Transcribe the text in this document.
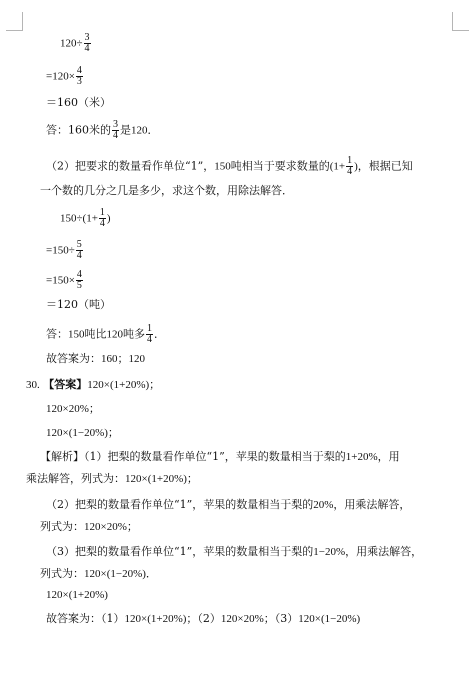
$120\div \frac{3}{4}$
$=120\times \frac{4}{3}$
＝160（米）
答：160米的 $\frac{3}{4}$ 是120．
（2）把要求的数量看作单位“1”，150吨相当于要求数量的($1+ \frac{1}{4}$ )，根据已知
一个数的几分之几是多少，求这个数，用除法解答．
$150\div(1+ \frac{1}{4}$ )
$=150\div \frac{5}{4}$
$=150\times \frac{4}{5}$
＝120（吨）
答：150吨比120吨多 $\frac{1}{4}$ ．
故答案为：160；120
30. 【答案】120×(1+20%)；
120×20%；
120×(1−20%)；
【解析】（1）把梨的数量看作单位“1”，苹果的数量相当于梨的1+20%，用
乘法解答，列式为：120×(1+20%)；
（2）把梨的数量看作单位“1”，苹果的数量相当于梨的20%，用乘法解答，
列式为：120×20%；
（3）把梨的数量看作单位“1”，苹果的数量相当于梨的1−20%，用乘法解答，
列式为：120×(1−20%)．
120×(1+20%)
故答案为：（1）120×(1+20%)；（2）120×20%；（3）120×(1−20%)
